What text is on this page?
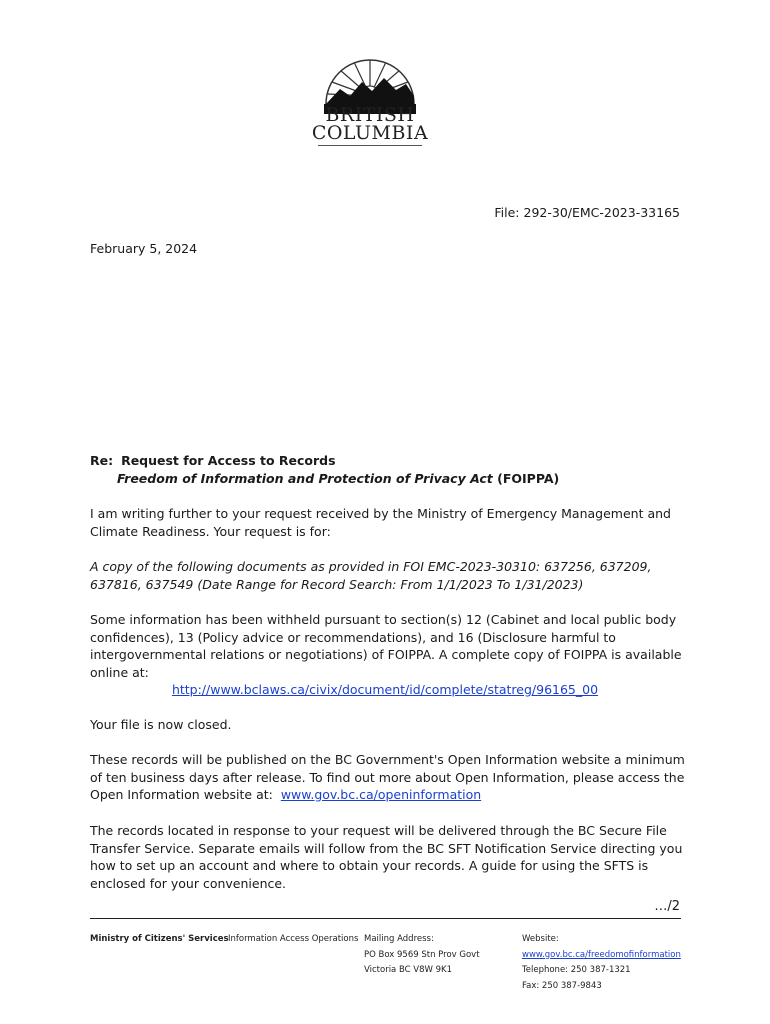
BRITISH
COLUMBIA
File: 292-30/EMC-2023-33165
February 5, 2024
Re: Request for Access to Records
Freedom of Information and Protection of Privacy Act (FOIPPA)
I am writing further to your request received by the Ministry of Emergency Management and Climate Readiness. Your request is for:
A copy of the following documents as provided in FOI EMC-2023-30310: 637256, 637209, 637816, 637549 (Date Range for Record Search: From 1/1/2023 To 1/31/2023)
Some information has been withheld pursuant to section(s) 12 (Cabinet and local public body confidences), 13 (Policy advice or recommendations), and 16 (Disclosure harmful to intergovernmental relations or negotiations) of FOIPPA. A complete copy of FOIPPA is available online at:
http://www.bclaws.ca/civix/document/id/complete/statreg/96165_00
Your file is now closed.
These records will be published on the BC Government's Open Information website a minimum of ten business days after release. To find out more about Open Information, please access the Open Information website at: www.gov.bc.ca/openinformation
The records located in response to your request will be delivered through the BC Secure File Transfer Service. Separate emails will follow from the BC SFT Notification Service directing you how to set up an account and where to obtain your records. A guide for using the SFTS is enclosed for your convenience.
…/2
Ministry of Citizens' Services Information Access Operations Mailing Address:
PO Box 9569 Stn Prov Govt
Victoria BC V8W 9K1
Website:
www.gov.bc.ca/freedomofinformation
Telephone: 250 387-1321
Fax: 250 387-9843
